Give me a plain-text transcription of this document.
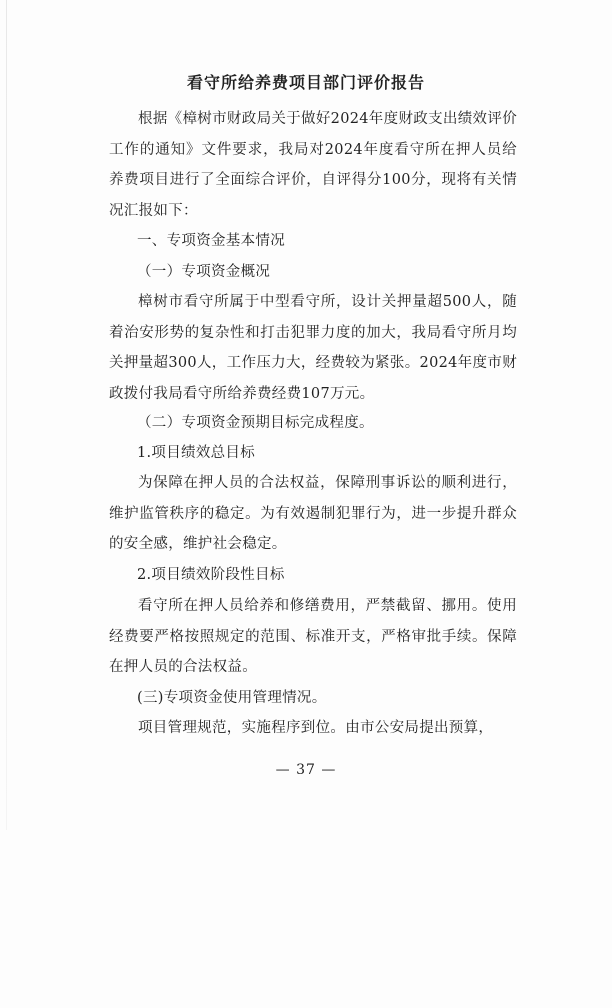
看守所给养费项目部门评价报告
根据《樟树市财政局关于做好2024年度财政支出绩效评价工作的通知》文件要求，我局对2024年度看守所在押人员给养费项目进行了全面综合评价，自评得分100分，现将有关情况汇报如下：
一、专项资金基本情况
（一）专项资金概况
樟树市看守所属于中型看守所，设计关押量超500人，随着治安形势的复杂性和打击犯罪力度的加大，我局看守所月均关押量超300人，工作压力大，经费较为紧张。2024年度市财政拨付我局看守所给养费经费107万元。
（二）专项资金预期目标完成程度。
1.项目绩效总目标
为保障在押人员的合法权益，保障刑事诉讼的顺利进行，维护监管秩序的稳定。为有效遏制犯罪行为，进一步提升群众的安全感，维护社会稳定。
2.项目绩效阶段性目标
看守所在押人员给养和修缮费用，严禁截留、挪用。使用经费要严格按照规定的范围、标准开支，严格审批手续。保障在押人员的合法权益。
(三)专项资金使用管理情况。
项目管理规范，实施程序到位。由市公安局提出预算，
— 37 —
